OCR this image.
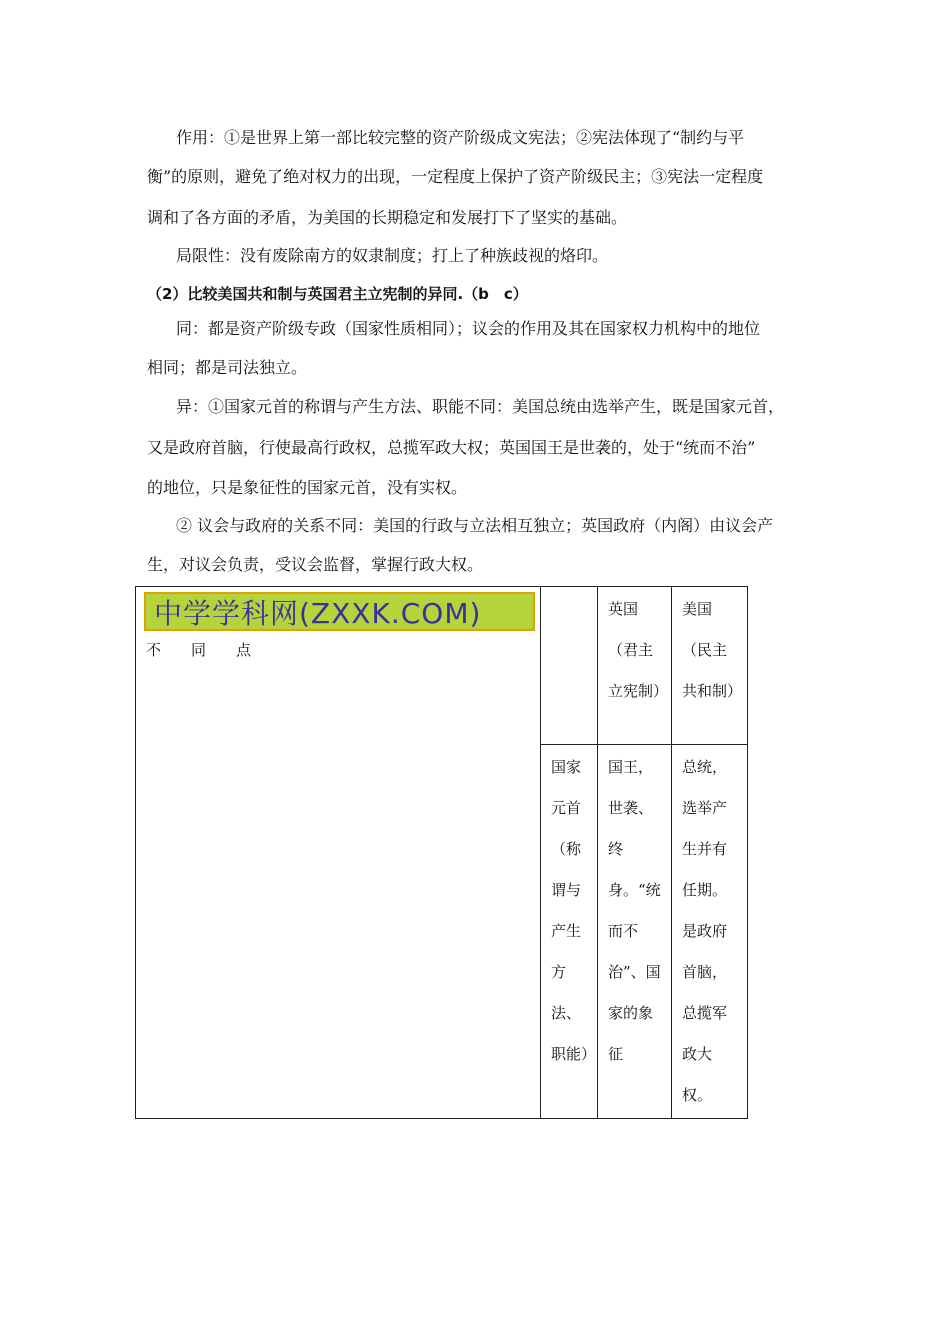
作用：①是世界上第一部比较完整的资产阶级成文宪法；②宪法体现了“制约与平
衡”的原则，避免了绝对权力的出现，一定程度上保护了资产阶级民主；③宪法一定程度
调和了各方面的矛盾，为美国的长期稳定和发展打下了坚实的基础。
局限性：没有废除南方的奴隶制度；打上了种族歧视的烙印。
（2）比较美国共和制与英国君主立宪制的异同.（b　c）
同：都是资产阶级专政（国家性质相同）；议会的作用及其在国家权力机构中的地位
相同；都是司法独立。
异：①国家元首的称谓与产生方法、职能不同：美国总统由选举产生，既是国家元首，
又是政府首脑，行使最高行政权，总揽军政大权；英国国王是世袭的，处于“统而不治”
的地位，只是象征性的国家元首，没有实权。
② 议会与政府的关系不同：美国的行政与立法相互独立；英国政府（内阁）由议会产
生，对议会负责，受议会监督，掌握行政大权。
中学学科网(ZXXK.COM)
不　　同　　点		英国（君主立宪制）	美国（民主共和制）

	国家元首（称谓与产生方法、职能）	国王，世袭、终身。“统而不治”、国家的象征	总统，选举产生并有任期。是政府首脑，总揽军政大权。
